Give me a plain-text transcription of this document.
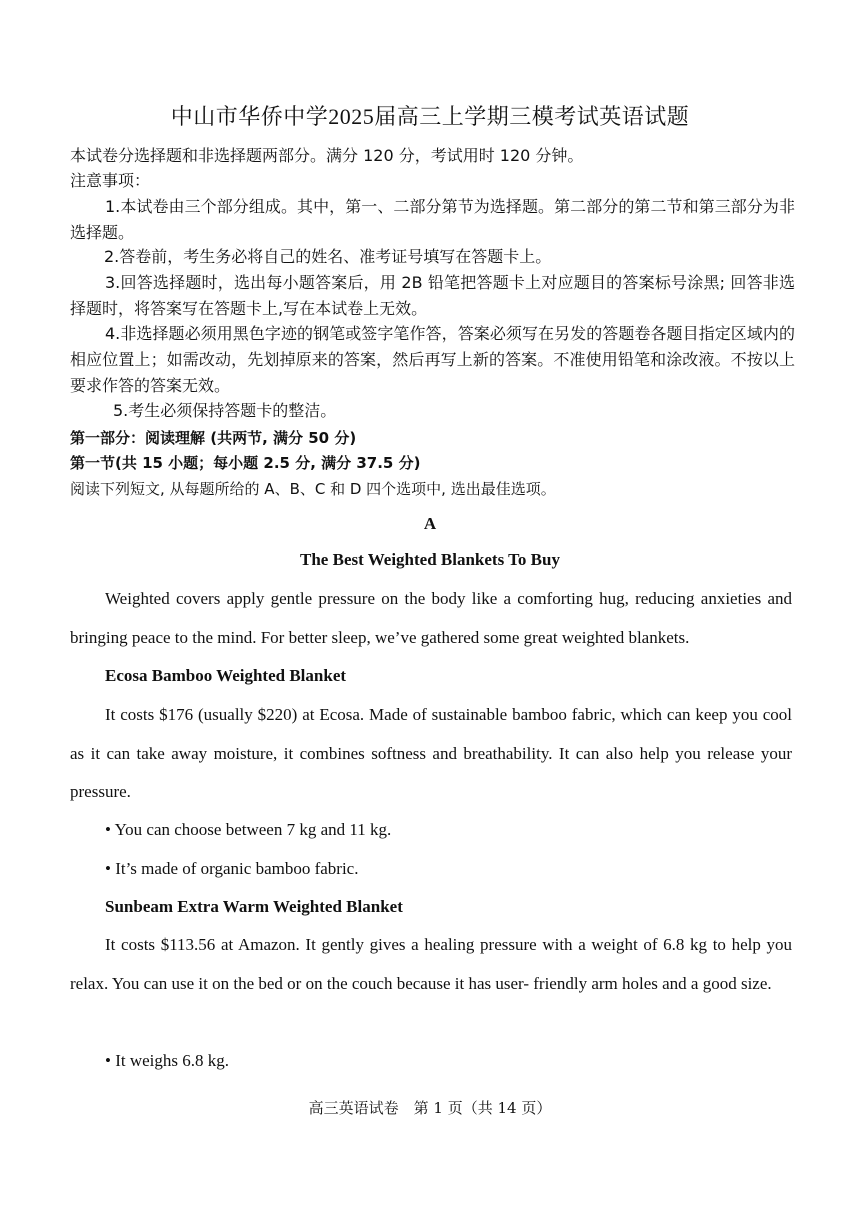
中山市华侨中学2025届高三上学期三模考试英语试题
本试卷分选择题和非选择题两部分。满分 120 分，考试用时 120 分钟。
注意事项：
1.本试卷由三个部分组成。其中，第一、二部分第节为选择题。第二部分的第二节和第三部分为非选择题。
2.答卷前，考生务必将自己的姓名、准考证号填写在答题卡上。
3.回答选择题时，选出每小题答案后，用 2B 铅笔把答题卡上对应题目的答案标号涂黑; 回答非选择题时，将答案写在答题卡上,写在本试卷上无效。
4.非选择题必须用黑色字迹的钢笔或签字笔作答，答案必须写在另发的答题卷各题目指定区域内的相应位置上；如需改动，先划掉原来的答案，然后再写上新的答案。不准使用铅笔和涂改液。不按以上要求作答的答案无效。
5.考生必须保持答题卡的整洁。
第一部分：阅读理解 (共两节, 满分 50 分)
第一节(共 15 小题；每小题 2.5 分, 满分 37.5 分)
阅读下列短文, 从每题所给的 A、B、C 和 D 四个选项中, 选出最佳选项。
A
The Best Weighted Blankets To Buy
Weighted covers apply gentle pressure on the body like a comforting hug, reducing anxieties and bringing peace to the mind. For better sleep, we’ve gathered some great weighted blankets.
Ecosa Bamboo Weighted Blanket
It costs $176 (usually $220) at Ecosa. Made of sustainable bamboo fabric, which can keep you cool as it can take away moisture, it combines softness and breathability. It can also help you release your pressure.
• You can choose between 7 kg and 11 kg.
• It’s made of organic bamboo fabric.
Sunbeam Extra Warm Weighted Blanket
It costs $113.56 at Amazon. It gently gives a healing pressure with a weight of 6.8 kg to help you relax. You can use it on the bed or on the couch because it has user- friendly arm holes and a good size.
• It weighs 6.8 kg.
高三英语试卷　第 1 页（共 14 页）
